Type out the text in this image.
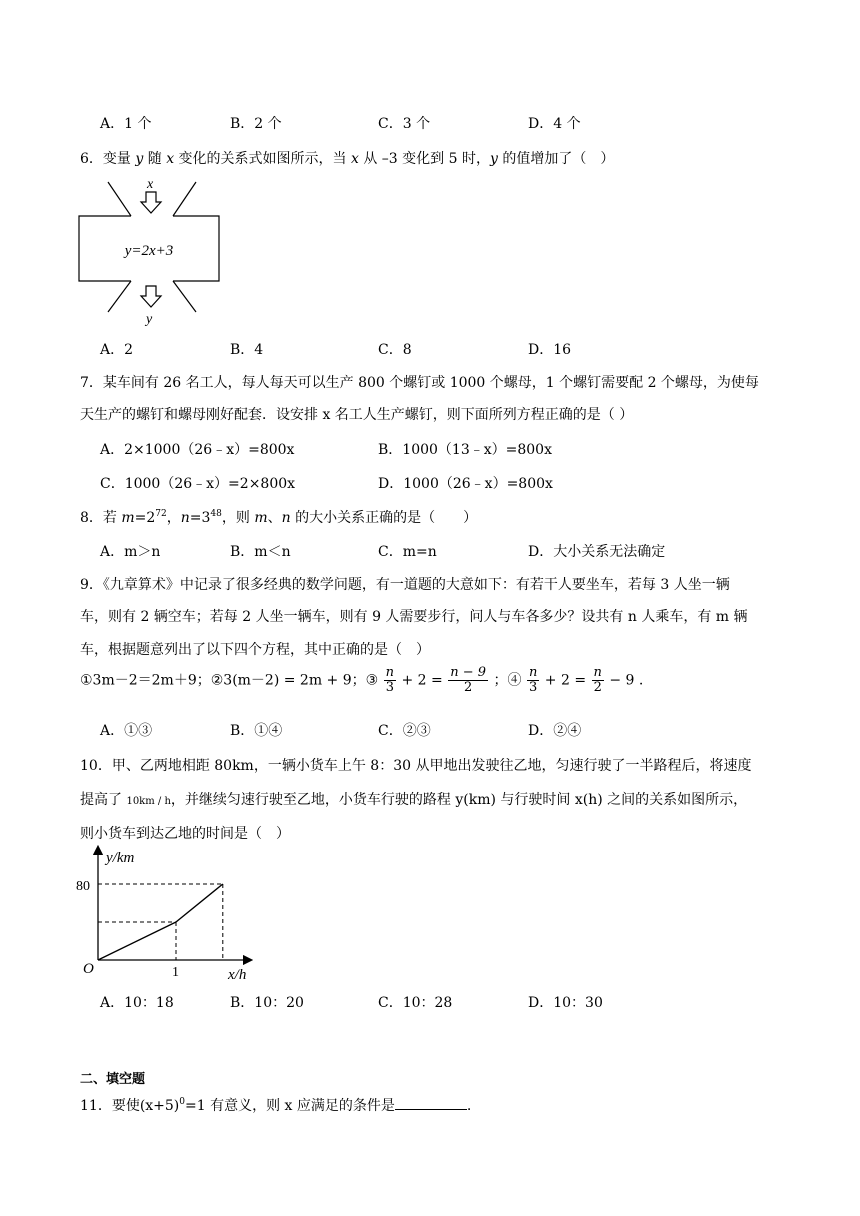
A．1 个	B．2 个	C．3 个	D．4 个
6．变量 y 随 x 变化的关系式如图所示，当 x 从 –3 变化到 5 时，y 的值增加了（　）
x
y=2x+3
y
A．2	B．4	C．8	D．16
7．某车间有 26 名工人，每人每天可以生产 800 个螺钉或 1000 个螺母，1 个螺钉需要配 2 个螺母，为使每
天生产的螺钉和螺母刚好配套．设安排 x 名工人生产螺钉，则下面所列方程正确的是（ ）
A．2×1000（26﹣x）=800x	B．1000（13﹣x）=800x
C．1000（26﹣x）=2×800x	D．1000（26﹣x）=800x
8．若 $m=2^{72}$，$n=3^{48}$，则 m、n 的大小关系正确的是（　　）
A．m＞n	B．m＜n	C．m=n	D．大小关系无法确定
9．《九章算术》中记录了很多经典的数学问题，有一道题的大意如下：有若干人要坐车，若每 3 人坐一辆
车，则有 2 辆空车；若每 2 人坐一辆车，则有 9 人需要步行，问人与车各多少？设共有 n 人乘车，有 m 辆
车，根据题意列出了以下四个方程，其中正确的是（　）
①3m－2＝2m＋9；②3(m－2) = 2m + 9；③ $\frac{n}{3} + 2 = \frac{n - 9}{2}$ ；④ $\frac{n}{3} + 2 = \frac{n}{2} - 9$ .
A．①③	B．①④	C．②③	D．②④
10．甲、乙两地相距 80km，一辆小货车上午 8：30 从甲地出发驶往乙地，匀速行驶了一半路程后，将速度
提高了 10km / h，并继续匀速行驶至乙地，小货车行驶的路程 y(km) 与行驶时间 x(h) 之间的关系如图所示，
则小货车到达乙地的时间是（　）
y/km
x/h
80
1
O
A．10：18	B．10：20	C．10：28	D．10：30
二、填空题
11．要使$(x+5)^0=1$ 有意义，则 x 应满足的条件是	.
